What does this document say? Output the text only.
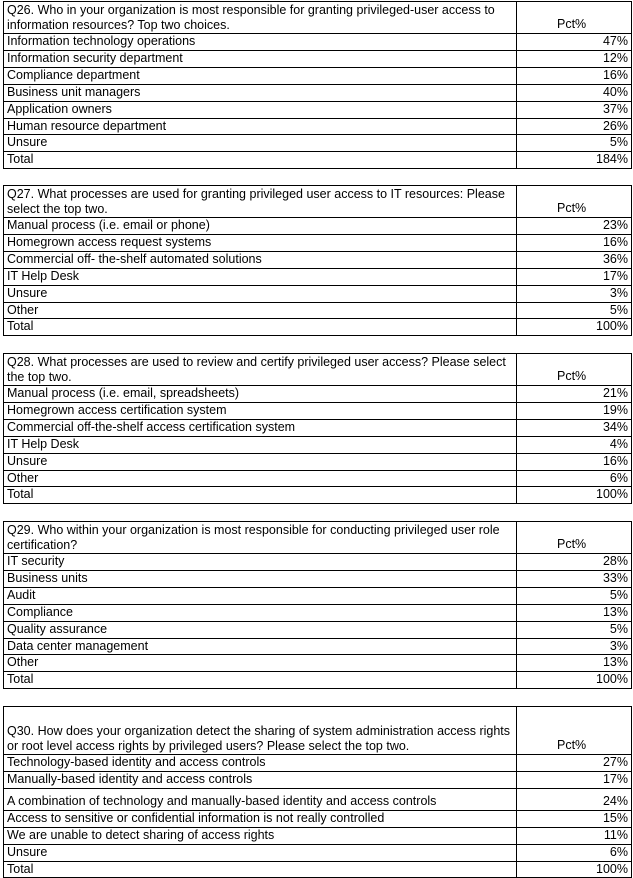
Q26. Who in your organization is most responsible for granting privileged-user access to information resources? Top two choices.	Pct%
Information technology operations	47%
Information security department	12%
Compliance department	16%
Business unit managers	40%
Application owners	37%
Human resource department	26%
Unsure	5%
Total	184%
Q27. What processes are used for granting privileged user access to IT resources: Please select the top two.	Pct%
Manual process (i.e. email or phone)	23%
Homegrown access request systems	16%
Commercial off- the-shelf automated solutions	36%
IT Help Desk	17%
Unsure	3%
Other	5%
Total	100%
Q28. What processes are used to review and certify privileged user access? Please select the top two.	Pct%
Manual process (i.e. email, spreadsheets)	21%
Homegrown access certification system	19%
Commercial off-the-shelf access certification system	34%
IT Help Desk	4%
Unsure	16%
Other	6%
Total	100%
Q29. Who within your organization is most responsible for conducting privileged user role certification?	Pct%
IT security	28%
Business units	33%
Audit	5%
Compliance	13%
Quality assurance	5%
Data center management	3%
Other	13%
Total	100%
Q30. How does your organization detect the sharing of system administration access rights or root level access rights by privileged users? Please select the top two.	Pct%
Technology-based identity and access controls	27%
Manually-based identity and access controls	17%
A combination of technology and manually-based identity and access controls	24%
Access to sensitive or confidential information is not really controlled	15%
We are unable to detect sharing of access rights	11%
Unsure	6%
Total	100%
